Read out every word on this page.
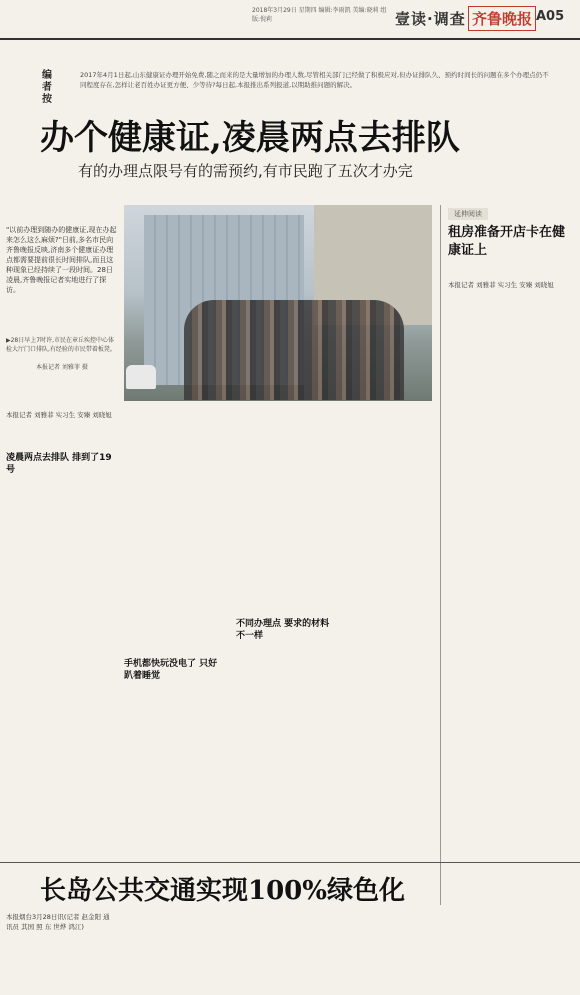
2018年3月29日 星期四 编辑:李雨凯 美编:晓莉 组版:倪莉	壹读·调查 齐鲁晚报 A05
编者按
2017年4月1日起,山东健康证办理开始免费,随之而来的是大量增加的办理人数,尽管相关部门已经做了积极应对,但办证排队久、预约时间长的问题在多个办理点仍不同程度存在,怎样让老百姓办证更方便、少等待?每日起,本报推出系列报道,以期助推问题的解决。
办个健康证,凌晨两点去排队
有的办理点限号有的需预约,有市民跑了五次才办完
"以前办理到随办的健康证,现在办起来怎么这么麻烦?"日前,多名市民向齐鲁晚报反映,济南多个健康证办理点都需要提前很长时间排队,而且这种现象已经持续了一段时间。28日凌晨,齐鲁晚报记者实地进行了探访。
▶28日早上7时许,市民在章丘疾控中心体检大厅门口排队,有经验的市民带着板凳。
本报记者 刘雅菲 摄
延伸阅读
租房准备开店卡在健康证上
本报记者 刘雅菲 实习生 安臻 刘晓旭
本报记者 刘雅菲 实习生 安臻 刘晓旭
凌晨两点去排队 排到了19号
手机都快玩没电了 只好趴着睡觉
不同办理点 要求的材料不一样
长岛公共交通实现100%绿色化
本报烟台3月28日讯(记者 赵金阳 通讯员 其国 照 东 世烨 鸿江)
